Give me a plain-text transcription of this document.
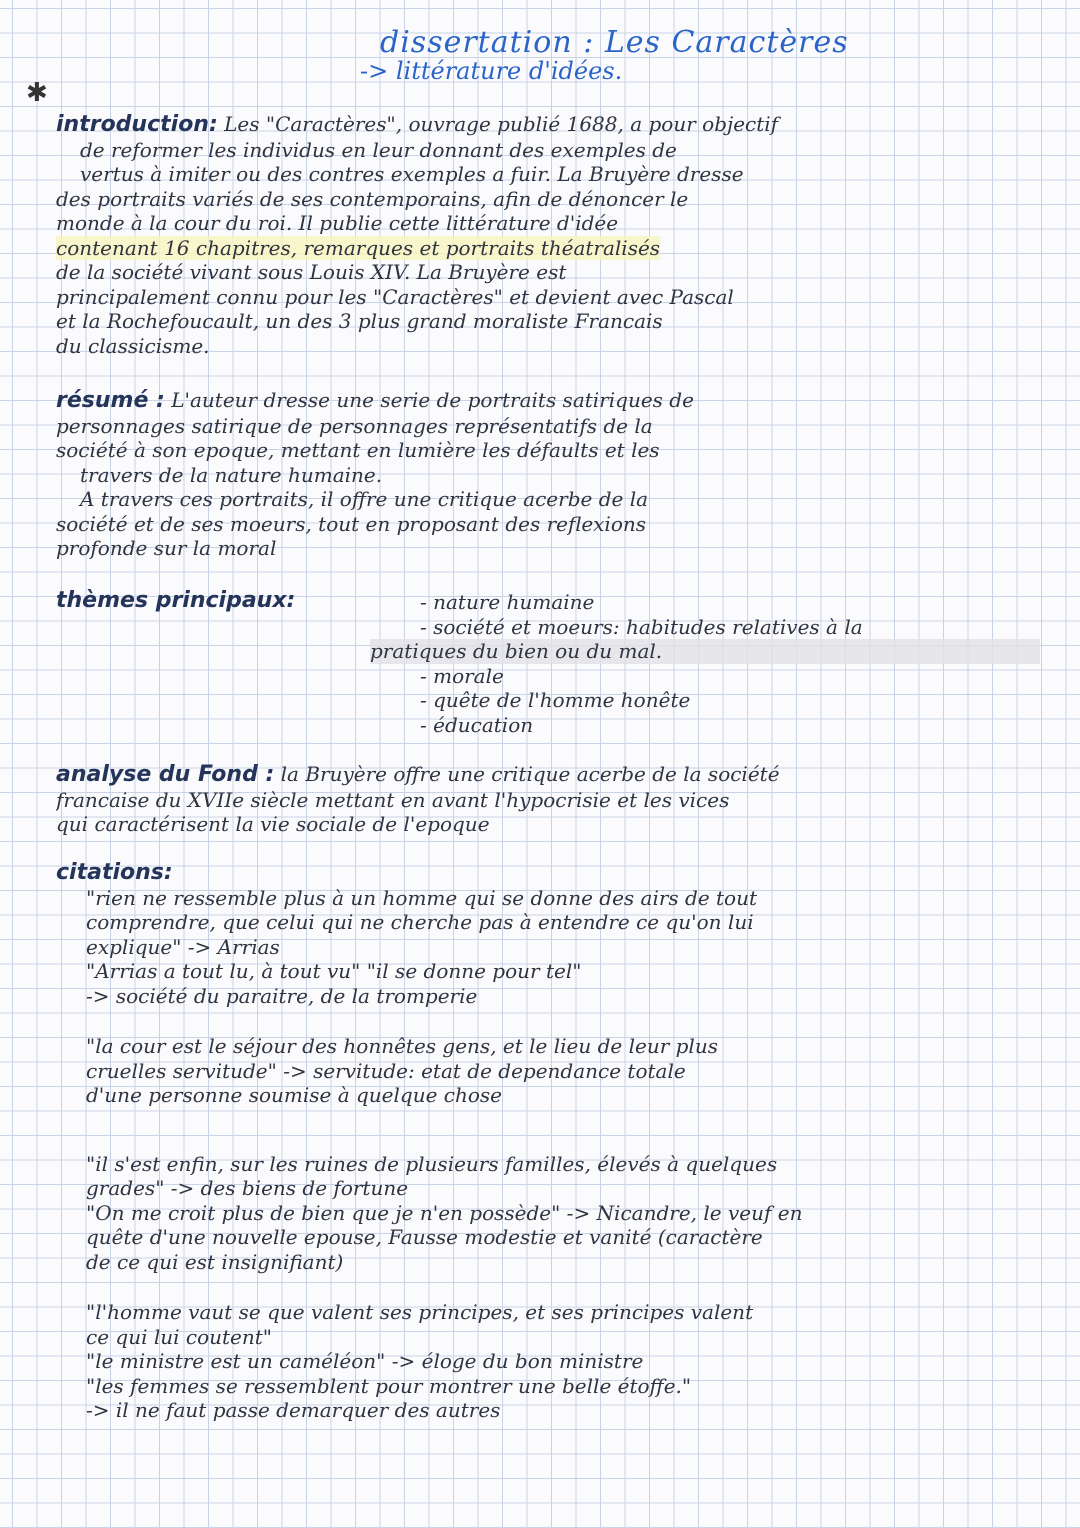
dissertation : Les Caractères

-> littérature d'idées.

✱

introduction: Les "Caractères", ouvrage publié 1688, a pour objectif

de reformer les individus en leur donnant des exemples de

vertus à imiter ou des contres exemples a fuir. La Bruyère dresse

des portraits variés de ses contemporains, afin de dénoncer le

monde à la cour du roi. Il publie cette littérature d'idée

contenant 16 chapitres, remarques et portraits théatralisés

de la société vivant sous Louis XIV. La Bruyère est

principalement connu pour les "Caractères" et devient avec Pascal

et la Rochefoucault, un des 3 plus grand moraliste Francais

du classicisme.

résumé : L'auteur dresse une serie de portraits satiriques de

personnages satirique de personnages représentatifs de la

société à son epoque, mettant en lumière les défaults et les

travers de la nature humaine.

A travers ces portraits, il offre une critique acerbe de la

société et de ses moeurs, tout en proposant des reflexions

profonde sur la moral

thèmes principaux:	- nature humaine

- société et moeurs: habitudes relatives à la

pratiques du bien ou du mal.

- morale

- quête de l'homme honête

- éducation

analyse du Fond : la Bruyère offre une critique acerbe de la société

francaise du XVIIe siècle mettant en avant l'hypocrisie et les vices

qui caractérisent la vie sociale de l'epoque

citations:

"rien ne ressemble plus à un homme qui se donne des airs de tout

comprendre, que celui qui ne cherche pas à entendre ce qu'on lui

explique" -> Arrias

"Arrias a tout lu, à tout vu" "il se donne pour tel"

-> société du paraitre, de la tromperie

"la cour est le séjour des honnêtes gens, et le lieu de leur plus

cruelles servitude" -> servitude: etat de dependance totale

d'une personne soumise à quelque chose

"il s'est enfin, sur les ruines de plusieurs familles, élevés à quelques

grades" -> des biens de fortune

"On me croit plus de bien que je n'en possède" -> Nicandre, le veuf en

quête d'une nouvelle epouse, Fausse modestie et vanité (caractère

de ce qui est insignifiant)

"l'homme vaut se que valent ses principes, et ses principes valent

ce qui lui coutent"

"le ministre est un caméléon" -> éloge du bon ministre

"les femmes se ressemblent pour montrer une belle étoffe."

-> il ne faut passe demarquer des autres
